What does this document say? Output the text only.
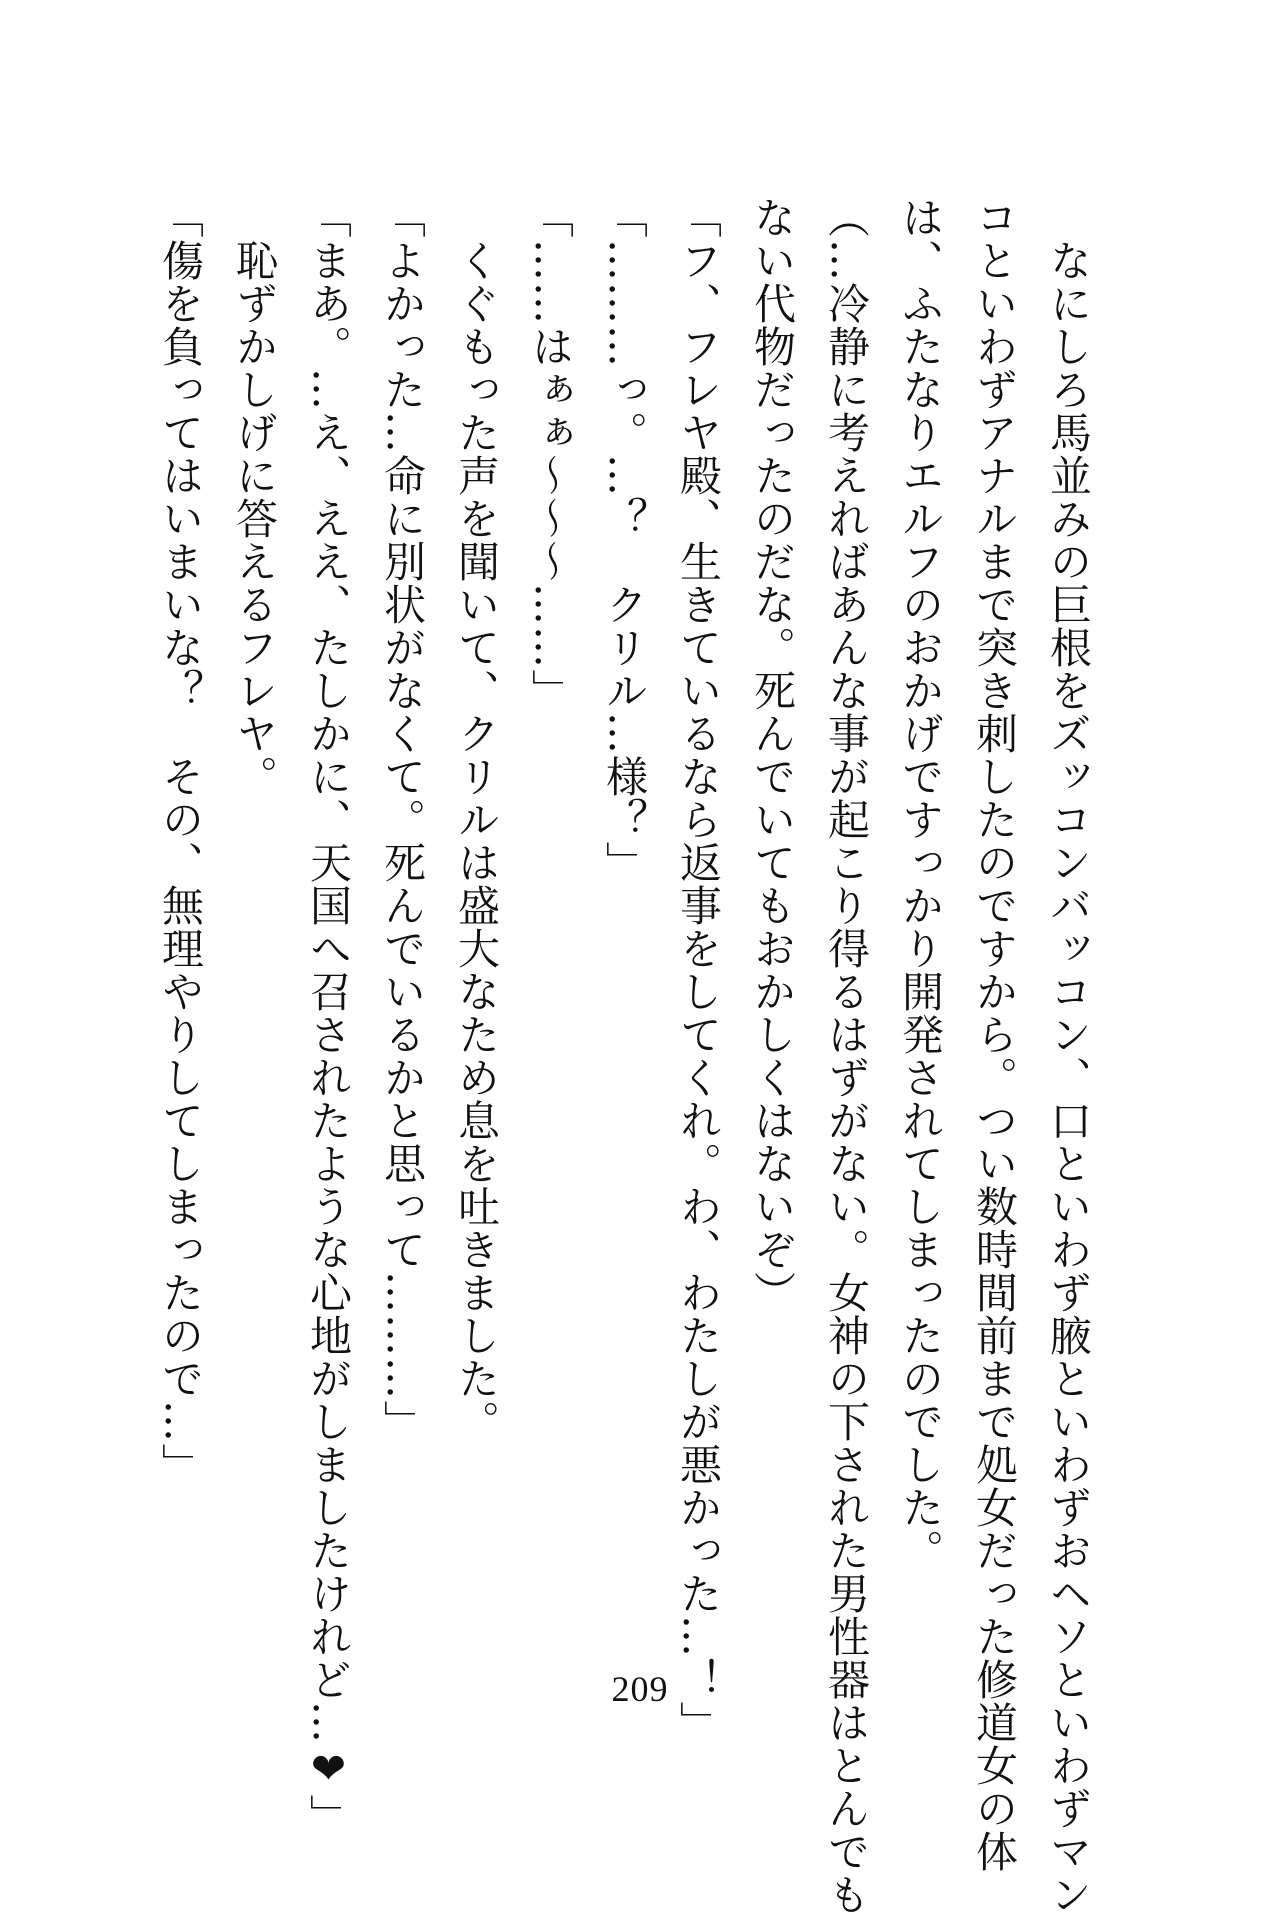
　なにしろ馬並みの巨根をズッコンバッコン、口といわず腋といわずおヘソといわずマン
コといわずアナルまで突き刺したのですから。つい数時間前まで処女だった修道女の体
は、ふたなりエルフのおかげですっかり開発されてしまったのでした。
（…冷静に考えればあんな事が起こり得るはずがない。女神の下された男性器はとんでも
ない代物だったのだな。死んでいてもおかしくはないぞ）
「フ、フレヤ殿、生きているなら返事をしてくれ。わ、わたしが悪かった…！」
「………っ。…？　クリル…様？」
「……はぁぁ～～～……」
　くぐもった声を聞いて、クリルは盛大なため息を吐きました。
「よかった…命に別状がなくて。死んでいるかと思って………」
「まあ。…え、ええ、たしかに、天国へ召されたような心地がしましたけれど…❤」
　恥ずかしげに答えるフレヤ。
「傷を負ってはいまいな？　その、無理やりしてしまったので…」
209
